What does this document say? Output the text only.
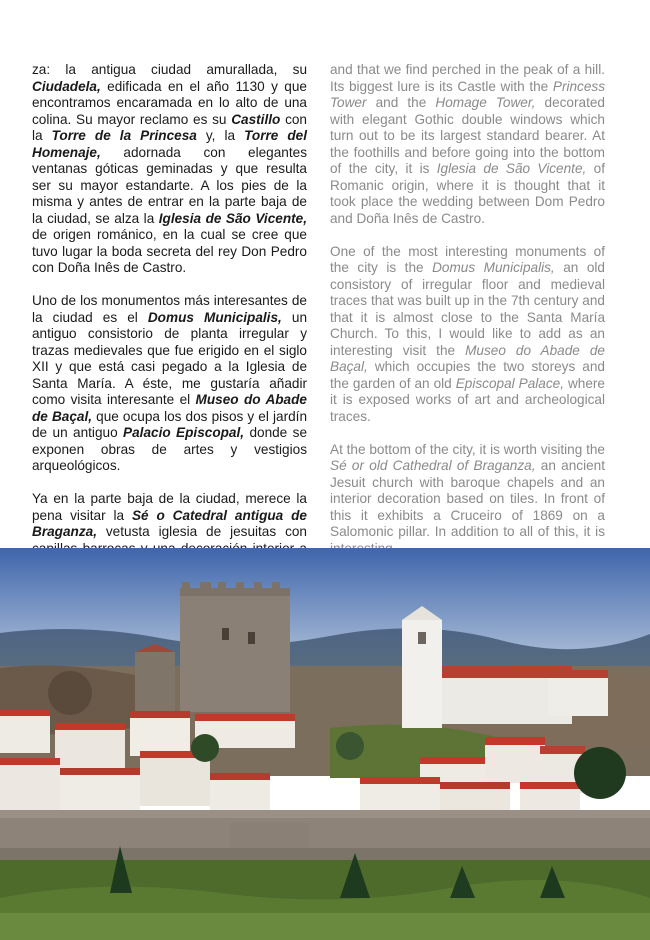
za: la antigua ciudad amurallada, su Ciudadela, edificada en el año 1130 y que encontramos encaramada en lo alto de una colina. Su mayor reclamo es su Castillo con la Torre de la Princesa y, la Torre del Homenaje, adornada con elegantes ventanas góticas geminadas y que resulta ser su mayor estandarte. A los pies de la misma y antes de entrar en la parte baja de la ciudad, se alza la Iglesia de São Vicente, de origen románico, en la cual se cree que tuvo lugar la boda secreta del rey Don Pedro con Doña Inês de Castro.

Uno de los monumentos más interesantes de la ciudad es el Domus Municipalis, un antiguo consistorio de planta irregular y trazas medievales que fue erigido en el siglo XII y que está casi pegado a la Iglesia de Santa María. A éste, me gustaría añadir como visita interesante el Museo do Abade de Baçal, que ocupa los dos pisos y el jardín de un antiguo Palacio Episcopal, donde se exponen obras de artes y vestigios arqueológicos.

Ya en la parte baja de la ciudad, merece la pena visitar la Sé o Catedral antigua de Braganza, vetusta iglesia de jesuitas con

and that we find perched in the peak of a hill. Its biggest lure is its Castle with the Princess Tower and the Homage Tower, decorated with elegant Gothic double windows which turn out to be its largest standard bearer. At the foothills and before going into the bottom of the city, it is Iglesia de São Vicente, of Romanic origin, where it is thought that it took place the wedding between Dom Pedro and Doña Inês de Castro.

One of the most interesting monuments of the city is the Domus Municipalis, an old consistory of irregular floor and medieval traces that was built up in the 7th century and that it is almost close to the Santa María Church. To this, I would like to add as an interesting visit the Museo do Abade de Baçal, which occupies the two storeys and the garden of an old Episcopal Palace, where it is exposed works of art and archeological traces.

At the bottom of the city, it is worth visiting the Sé or old Cathedral of Braganza, an ancient Jesuit church with baroque chapels and an interior decoration based on tiles. In front of this it exhibits a Cruceiro of 1869 on a Salomonic pillar. In addition to all of this, it is
